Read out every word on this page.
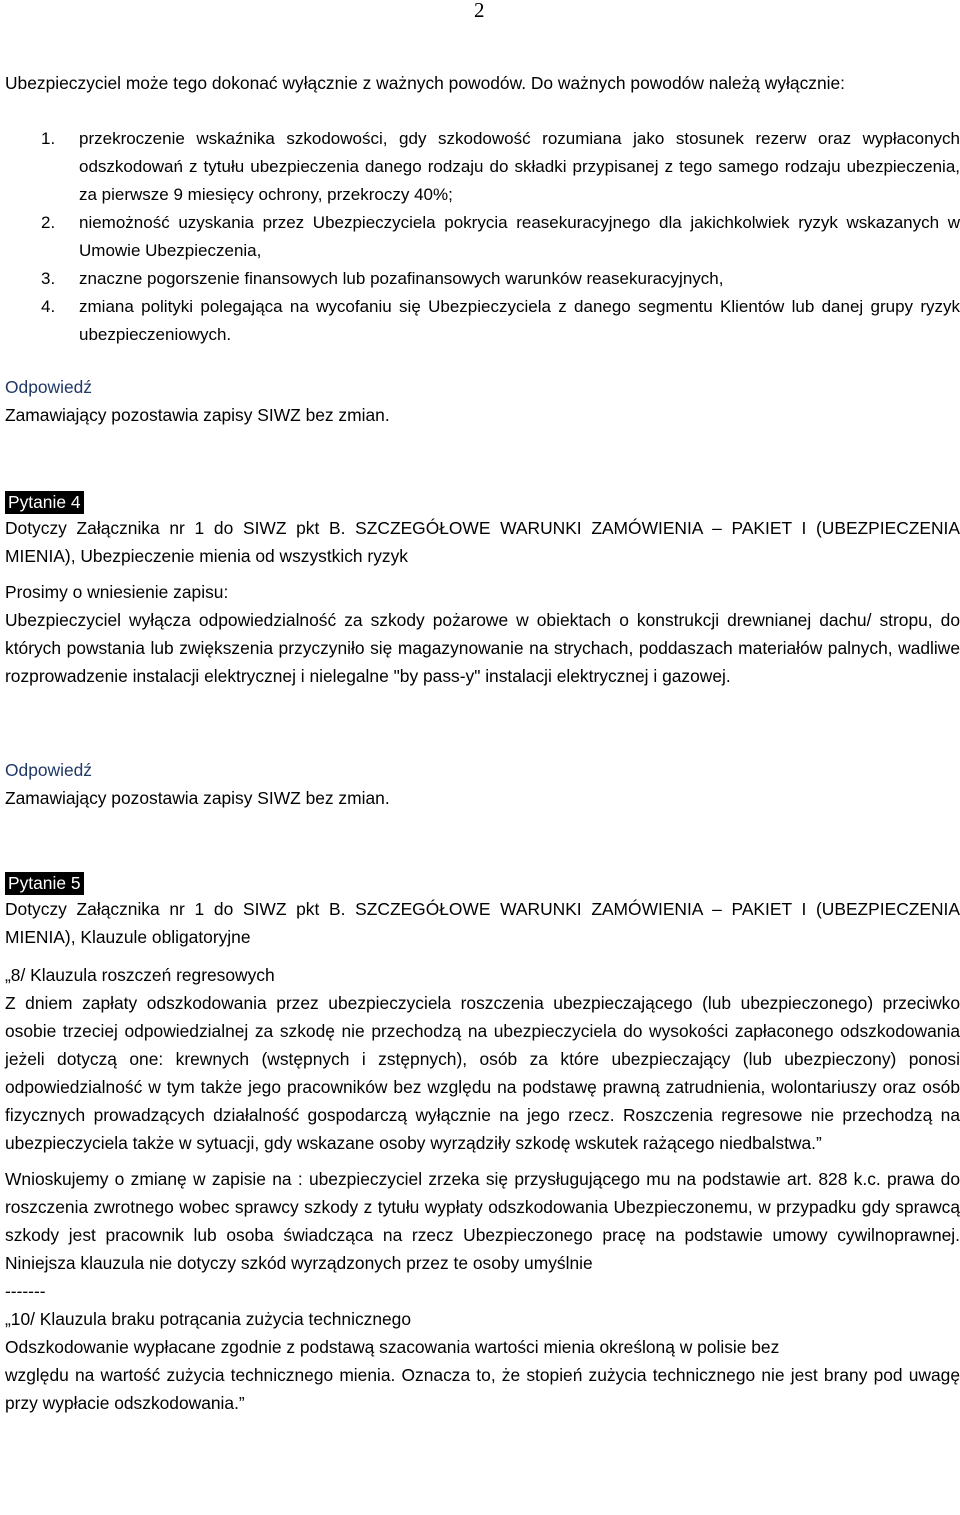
2
Ubezpieczyciel może tego dokonać wyłącznie z ważnych powodów. Do ważnych powodów należą wyłącznie:
1. przekroczenie wskaźnika szkodowości, gdy szkodowość rozumiana jako stosunek rezerw oraz wypłaconych odszkodowań z tytułu ubezpieczenia danego rodzaju do składki przypisanej z tego samego rodzaju ubezpieczenia, za pierwsze 9 miesięcy ochrony, przekroczy 40%;
2. niemożność uzyskania przez Ubezpieczyciela pokrycia reasekuracyjnego dla jakichkolwiek ryzyk wskazanych w Umowie Ubezpieczenia,
3. znaczne pogorszenie finansowych lub pozafinansowych warunków reasekuracyjnych,
4. zmiana polityki polegająca na wycofaniu się Ubezpieczyciela z danego segmentu Klientów lub danej grupy ryzyk ubezpieczeniowych.
Odpowiedź
Zamawiający pozostawia zapisy SIWZ bez zmian.
Pytanie 4
Dotyczy Załącznika nr 1 do SIWZ pkt B. SZCZEGÓŁOWE WARUNKI ZAMÓWIENIA – PAKIET I (UBEZPIECZENIA MIENIA), Ubezpieczenie mienia od wszystkich ryzyk
Prosimy o wniesienie zapisu:
Ubezpieczyciel wyłącza odpowiedzialność za szkody pożarowe w obiektach o konstrukcji drewnianej dachu/ stropu, do których powstania lub zwiększenia przyczyniło się magazynowanie na strychach, poddaszach materiałów palnych, wadliwe rozprowadzenie instalacji elektrycznej i nielegalne "by pass-y" instalacji elektrycznej i gazowej.
Odpowiedź
Zamawiający pozostawia zapisy SIWZ bez zmian.
Pytanie 5
Dotyczy Załącznika nr 1 do SIWZ pkt B. SZCZEGÓŁOWE WARUNKI ZAMÓWIENIA – PAKIET I (UBEZPIECZENIA MIENIA), Klauzule obligatoryjne
„8/ Klauzula roszczeń regresowych
Z dniem zapłaty odszkodowania przez ubezpieczyciela roszczenia ubezpieczającego (lub ubezpieczonego) przeciwko osobie trzeciej odpowiedzialnej za szkodę nie przechodzą na ubezpieczyciela do wysokości zapłaconego odszkodowania jeżeli dotyczą one: krewnych (wstępnych i zstępnych), osób za które ubezpieczający (lub ubezpieczony) ponosi odpowiedzialność w tym także jego pracowników bez względu na podstawę prawną zatrudnienia, wolontariuszy oraz osób fizycznych prowadzących działalność gospodarczą wyłącznie na jego rzecz. Roszczenia regresowe nie przechodzą na ubezpieczyciela także w sytuacji, gdy wskazane osoby wyrządziły szkodę wskutek rażącego niedbalstwa.”
Wnioskujemy o zmianę w zapisie na : ubezpieczyciel zrzeka się przysługującego mu na podstawie art. 828 k.c. prawa do roszczenia zwrotnego wobec sprawcy szkody z tytułu wypłaty odszkodowania Ubezpieczonemu, w przypadku gdy sprawcą szkody jest pracownik lub osoba świadcząca na rzecz Ubezpieczonego pracę na podstawie umowy cywilnoprawnej. Niniejsza klauzula nie dotyczy szkód wyrządzonych przez te osoby umyślnie
-------
„10/ Klauzula braku potrącania zużycia technicznego
Odszkodowanie wypłacane zgodnie z podstawą szacowania wartości mienia określoną w polisie bez
względu na wartość zużycia technicznego mienia. Oznacza to, że stopień zużycia technicznego nie jest brany pod uwagę przy wypłacie odszkodowania.”
